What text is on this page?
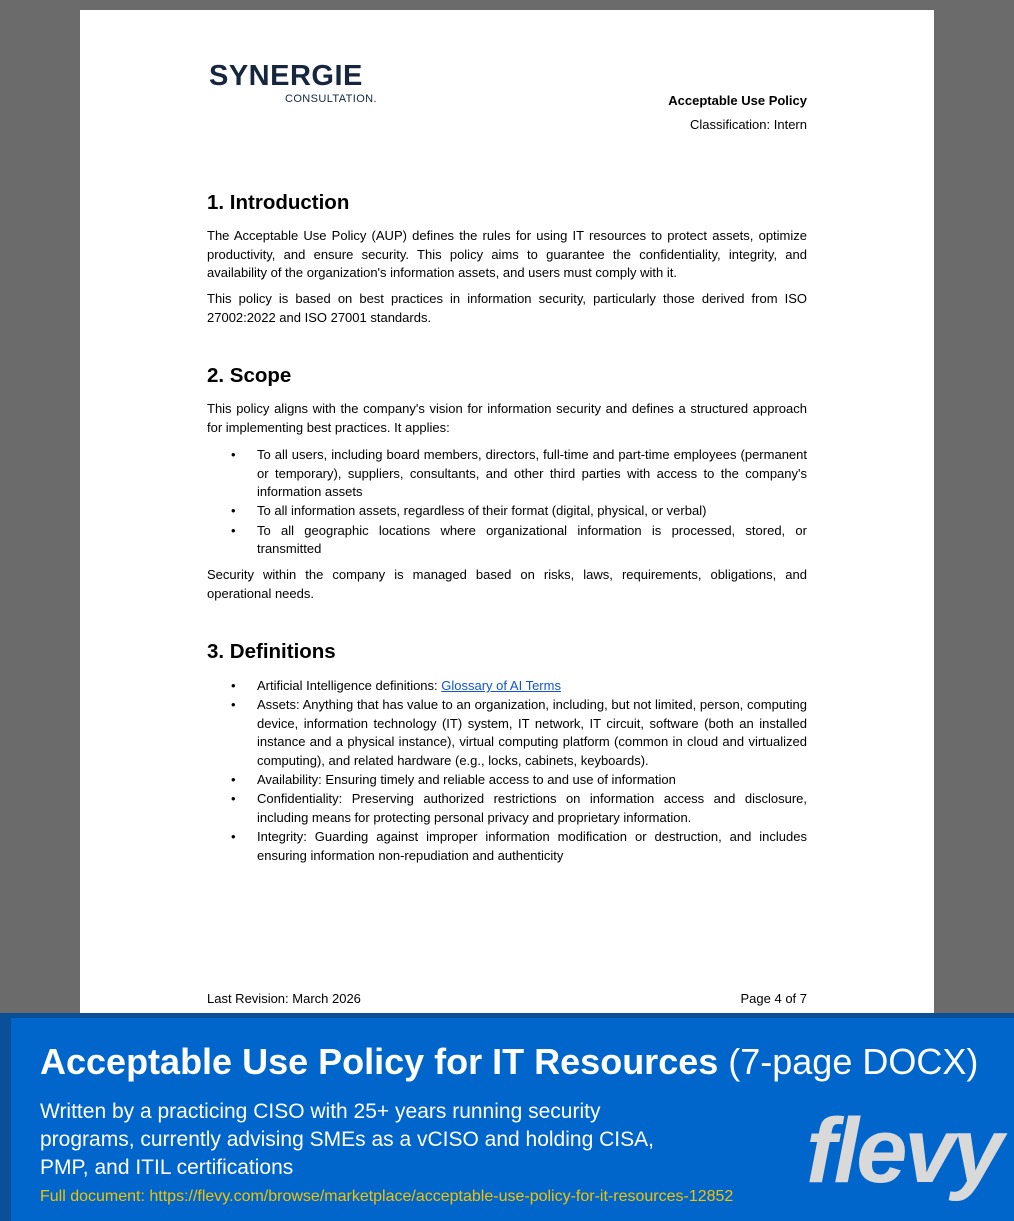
SYNERGIE
CONSULTATION.	Acceptable Use Policy
Classification: Intern
1. Introduction

The Acceptable Use Policy (AUP) defines the rules for using IT resources to protect assets, optimize productivity, and ensure security. This policy aims to guarantee the confidentiality, integrity, and availability of the organization's information assets, and users must comply with it.

This policy is based on best practices in information security, particularly those derived from ISO 27002:2022 and ISO 27001 standards.

2. Scope

This policy aligns with the company's vision for information security and defines a structured approach for implementing best practices. It applies:

• To all users, including board members, directors, full-time and part-time employees (permanent or temporary), suppliers, consultants, and other third parties with access to the company's information assets
• To all information assets, regardless of their format (digital, physical, or verbal)
• To all geographic locations where organizational information is processed, stored, or transmitted

Security within the company is managed based on risks, laws, requirements, obligations, and operational needs.

3. Definitions
• Artificial Intelligence definitions: Glossary of AI Terms
• Assets: Anything that has value to an organization, including, but not limited, person, computing device, information technology (IT) system, IT network, IT circuit, software (both an installed instance and a physical instance), virtual computing platform (common in cloud and virtualized computing), and related hardware (e.g., locks, cabinets, keyboards).
• Availability: Ensuring timely and reliable access to and use of information
• Confidentiality: Preserving authorized restrictions on information access and disclosure, including means for protecting personal privacy and proprietary information.
• Integrity: Guarding against improper information modification or destruction, and includes ensuring information non-repudiation and authenticity
Last Revision: March 2026	Page 4 of 7
Acceptable Use Policy for IT Resources (7-page DOCX)
Written by a practicing CISO with 25+ years running security programs, currently advising SMEs as a vCISO and holding CISA, PMP, and ITIL certifications
Full document: https://flevy.com/browse/marketplace/acceptable-use-policy-for-it-resources-12852 flevy
